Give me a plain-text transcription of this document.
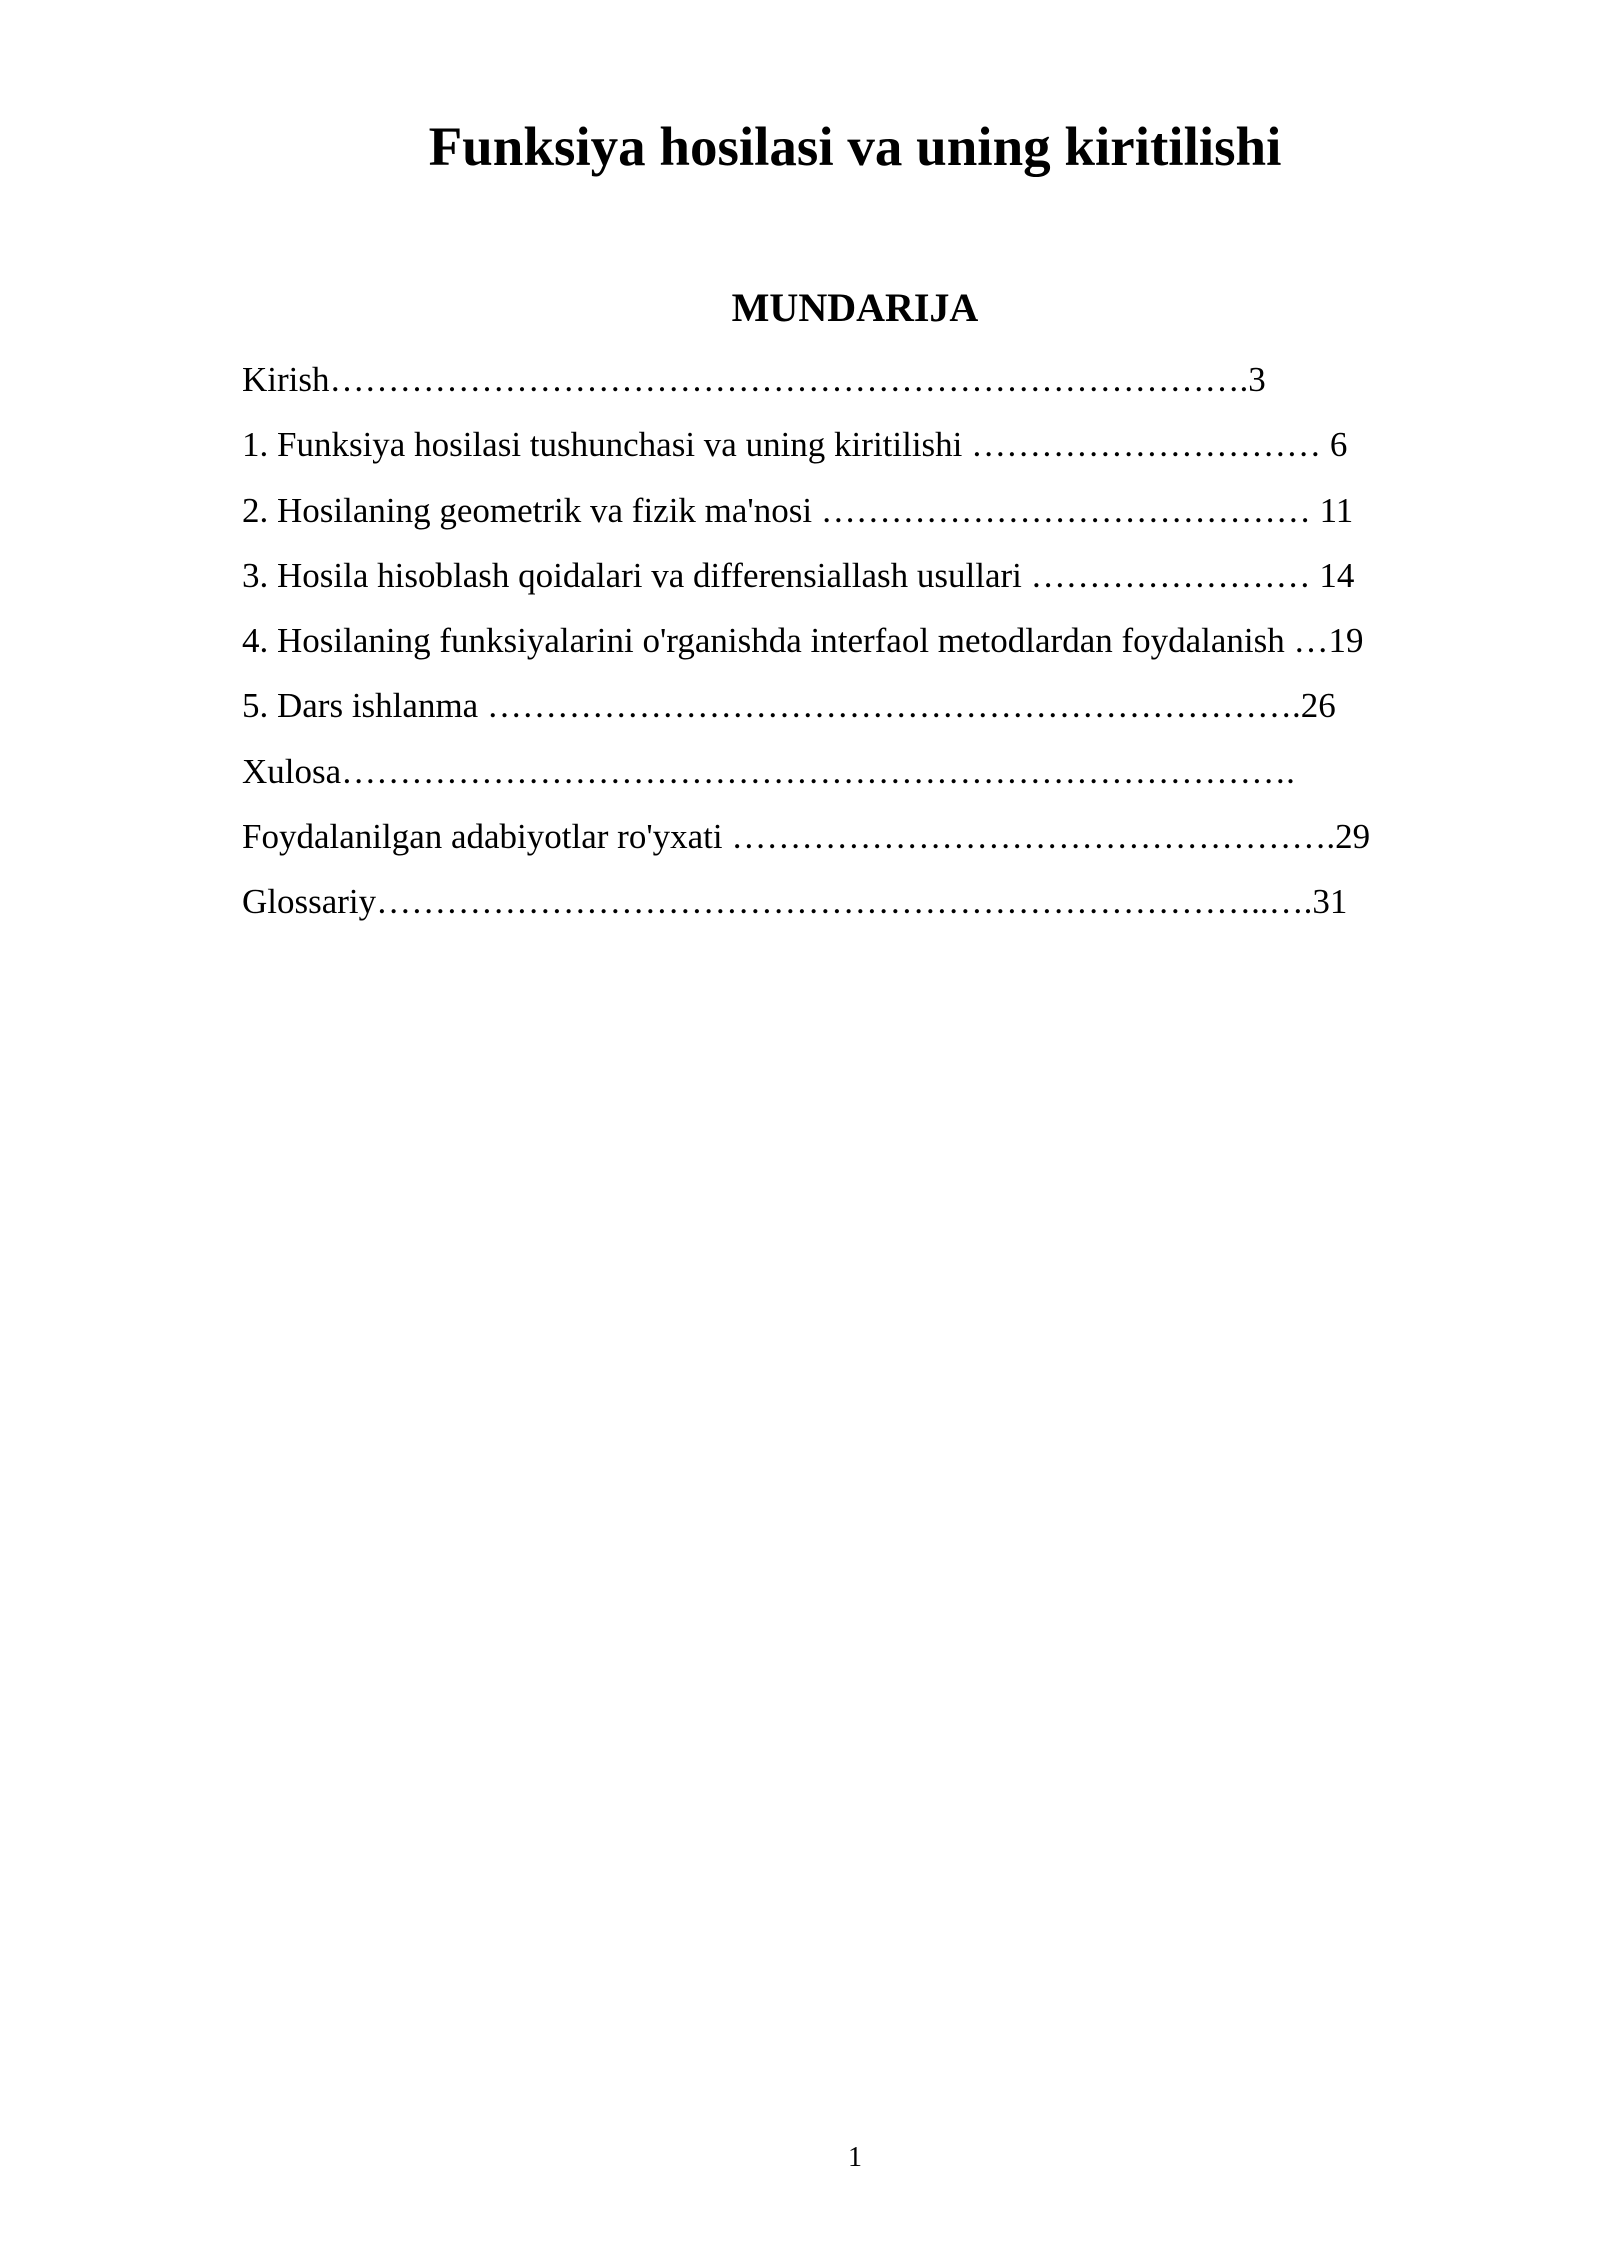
Funksiya hosilasi va uning kiritilishi
MUNDARIJA
Kirish…………………………………………………………………….3
1. Funksiya hosilasi tushunchasi va uning kiritilishi ………………………… 6
2. Hosilaning geometrik va fizik ma'nosi …………………………………… 11
3. Hosila hisoblash qoidalari va differensiallash usullari …………………… 14
4. Hosilaning funksiyalarini o'rganishda interfaol metodlardan foydalanish …19
5. Dars ishlanma …………………………………………………………….26
Xulosa……………………………………………………………………….
Foydalanilgan adabiyotlar ro'yxati …………………………………………….29
Glossariy…………………………………………………………………..….31
1
